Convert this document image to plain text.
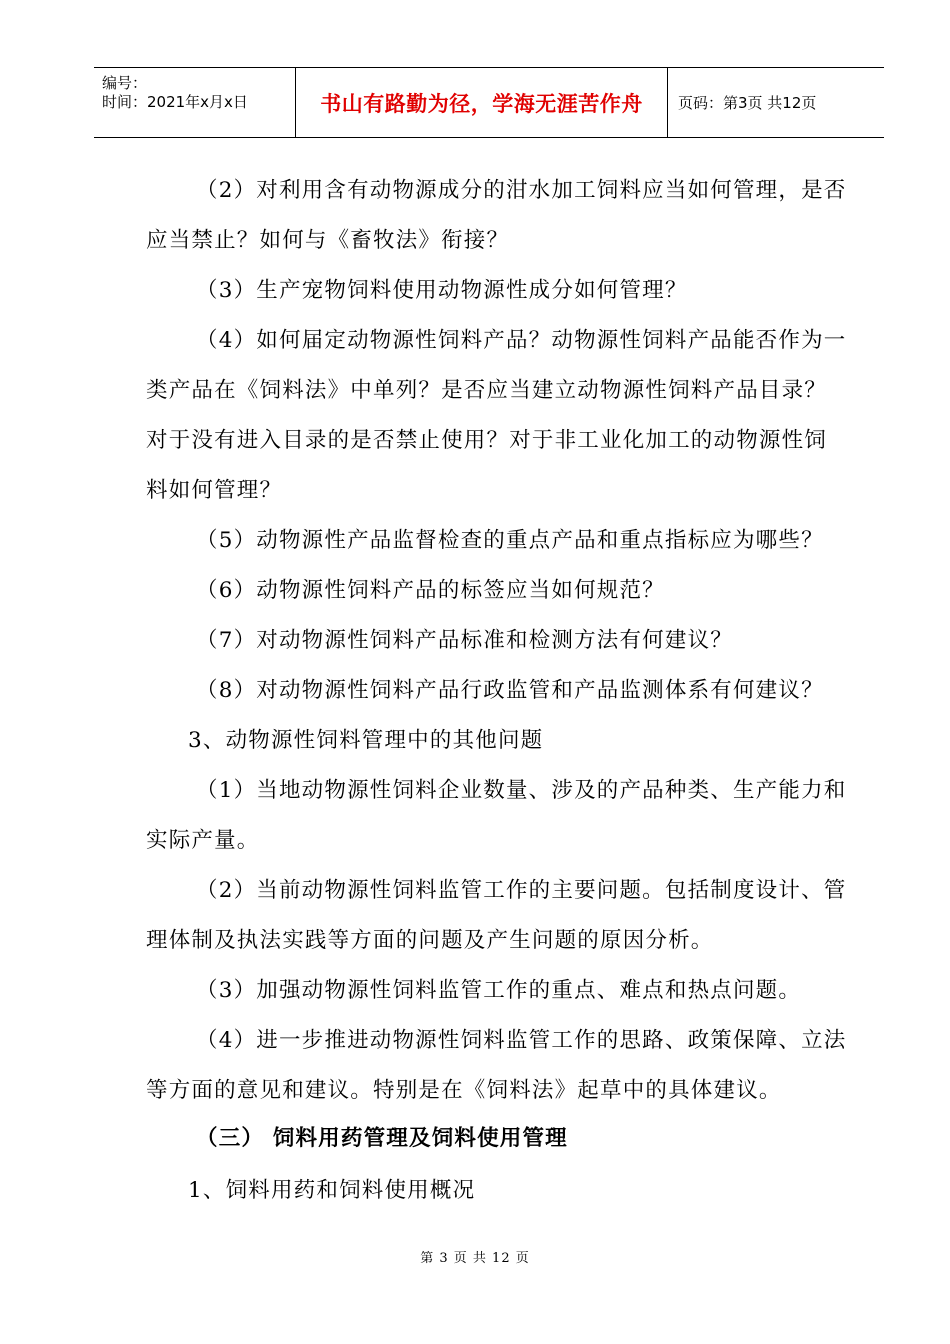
编号：
时间：2021年x月x日	书山有路勤为径，学海无涯苦作舟	页码：第3页 共12页
（2）对利用含有动物源成分的泔水加工饲料应当如何管理，是否
应当禁止？如何与《畜牧法》衔接？
（3）生产宠物饲料使用动物源性成分如何管理？
（4）如何届定动物源性饲料产品？动物源性饲料产品能否作为一
类产品在《饲料法》中单列？是否应当建立动物源性饲料产品目录？
对于没有进入目录的是否禁止使用？对于非工业化加工的动物源性饲
料如何管理？
（5）动物源性产品监督检查的重点产品和重点指标应为哪些？
（6）动物源性饲料产品的标签应当如何规范？
（7）对动物源性饲料产品标准和检测方法有何建议？
（8）对动物源性饲料产品行政监管和产品监测体系有何建议？
3、动物源性饲料管理中的其他问题
（1）当地动物源性饲料企业数量、涉及的产品种类、生产能力和
实际产量。
（2）当前动物源性饲料监管工作的主要问题。包括制度设计、管
理体制及执法实践等方面的问题及产生问题的原因分析。
（3）加强动物源性饲料监管工作的重点、难点和热点问题。
（4）进一步推进动物源性饲料监管工作的思路、政策保障、立法
等方面的意见和建议。特别是在《饲料法》起草中的具体建议。
（三） 饲料用药管理及饲料使用管理
1、饲料用药和饲料使用概况
第 3 页 共 12 页
